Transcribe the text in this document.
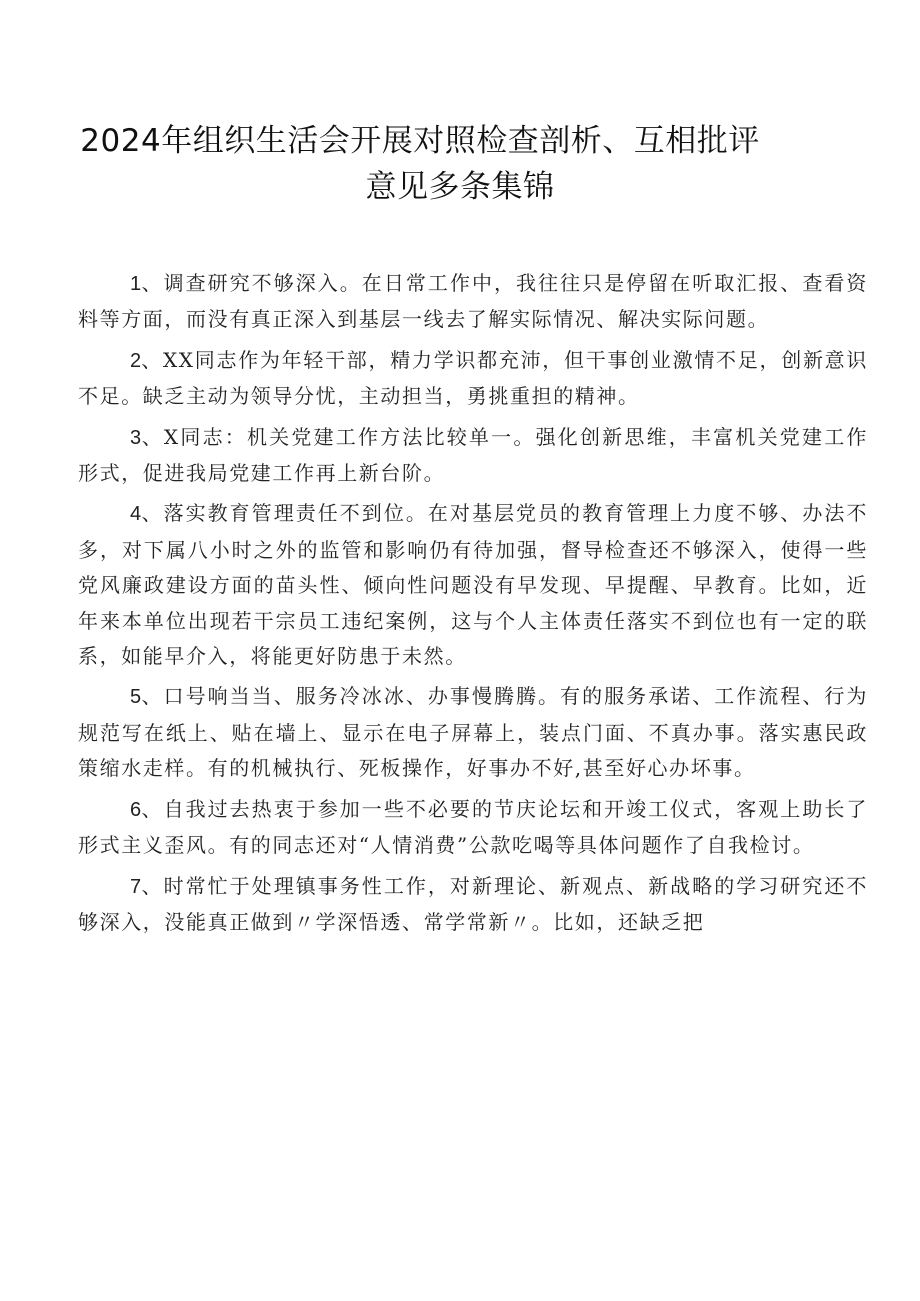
2024年组织生活会开展对照检查剖析、互相批评
意见多条集锦

1、调查研究不够深入。在日常工作中，我往往只是停留在听取汇报、查看资料等方面，而没有真正深入到基层一线去了解实际情况、解决实际问题。

2、XX同志作为年轻干部，精力学识都充沛，但干事创业激情不足，创新意识不足。缺乏主动为领导分忧，主动担当，勇挑重担的精神。

3、X同志：机关党建工作方法比较单一。强化创新思维，丰富机关党建工作形式，促进我局党建工作再上新台阶。

4、落实教育管理责任不到位。在对基层党员的教育管理上力度不够、办法不多，对下属八小时之外的监管和影响仍有待加强，督导检查还不够深入，使得一些党风廉政建设方面的苗头性、倾向性问题没有早发现、早提醒、早教育。比如，近年来本单位出现若干宗员工违纪案例，这与个人主体责任落实不到位也有一定的联系，如能早介入，将能更好防患于未然。

5、口号响当当、服务冷冰冰、办事慢腾腾。有的服务承诺、工作流程、行为规范写在纸上、贴在墙上、显示在电子屏幕上，装点门面、不真办事。落实惠民政策缩水走样。有的机械执行、死板操作，好事办不好,甚至好心办坏事。

6、自我过去热衷于参加一些不必要的节庆论坛和开竣工仪式，客观上助长了形式主义歪风。有的同志还对“人情消费”公款吃喝等具体问题作了自我检讨。

7、时常忙于处理镇事务性工作，对新理论、新观点、新战略的学习研究还不够深入，没能真正做到〃学深悟透、常学常新〃。比如，还缺乏把
